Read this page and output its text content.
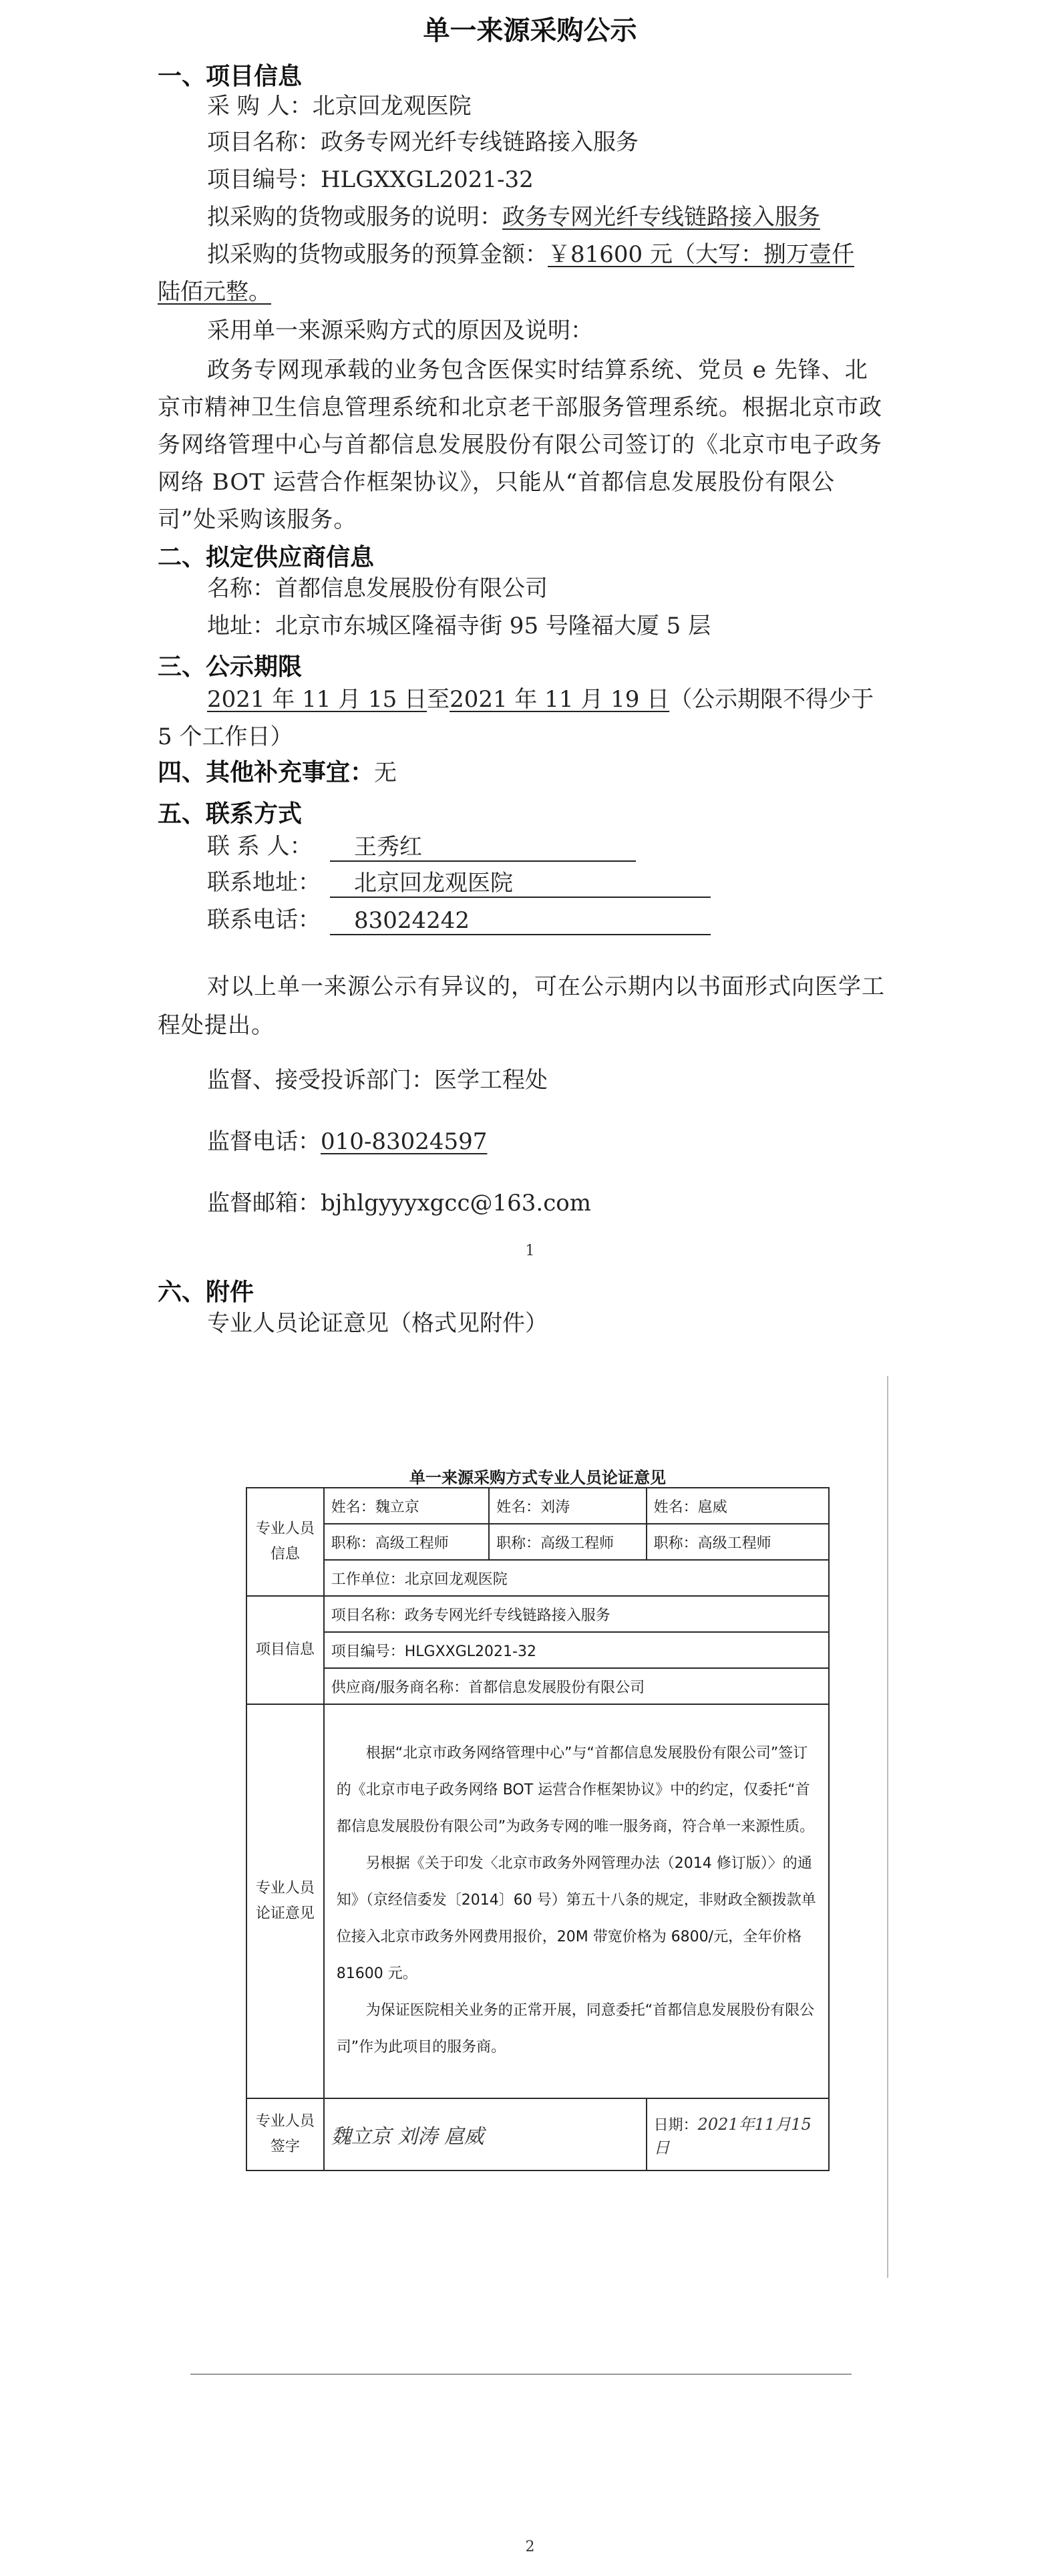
单一来源采购公示
一、项目信息
采 购 人：北京回龙观医院
项目名称：政务专网光纤专线链路接入服务
项目编号：HLGXXGL2021-32
拟采购的货物或服务的说明：政务专网光纤专线链路接入服务
拟采购的货物或服务的预算金额：￥81600 元（大写：捌万壹仟
陆佰元整。
采用单一来源采购方式的原因及说明：
政务专网现承载的业务包含医保实时结算系统、党员 e 先锋、北京市精神卫生信息管理系统和北京老干部服务管理系统。根据北京市政务网络管理中心与首都信息发展股份有限公司签订的《北京市电子政务网络 BOT 运营合作框架协议》，只能从“首都信息发展股份有限公司”处采购该服务。
二、拟定供应商信息
名称：首都信息发展股份有限公司
地址：北京市东城区隆福寺街 95 号隆福大厦 5 层
三、公示期限
2021 年 11 月 15 日至2021 年 11 月 19 日（公示期限不得少于
5 个工作日）
四、其他补充事宜：无
五、联系方式
联 系 人：	王秀红
联系地址：	北京回龙观医院
联系电话：	83024242
对以上单一来源公示有异议的，可在公示期内以书面形式向医学工程处提出。
监督、接受投诉部门：医学工程处
监督电话：010-83024597
监督邮箱：bjhlgyyyxgcc@163.com
1
六、附件
专业人员论证意见（格式见附件）
单一来源采购方式专业人员论证意见
专业人员信息	姓名：魏立京	姓名：刘涛	姓名：扈威
	职称：高级工程师	职称：高级工程师	职称：高级工程师
	工作单位：北京回龙观医院		
项目信息	项目名称：政务专网光纤专线链路接入服务		
	项目编号：HLGXXGL2021-32		
	供应商/服务商名称：首都信息发展股份有限公司		
专业人员论证意见	根据“北京市政务网络管理中心”与“首都信息发展股份有限公司”签订的《北京市电子政务网络 BOT 运营合作框架协议》中的约定，仅委托“首都信息发展股份有限公司”为政务专网的唯一服务商，符合单一来源性质。

另根据《关于印发〈北京市政务外网管理办法（2014 修订版）〉的通知》（京经信委发〔2014〕60 号）第五十八条的规定，非财政全额拨款单位接入北京市政务外网费用报价，20M 带宽价格为 6800/元，全年价格 81600 元。

为保证医院相关业务的正常开展，同意委托“首都信息发展股份有限公司”作为此项目的服务商。		

专业人员签字	魏立京 刘涛 扈威		日期：2021年11月15日
2
